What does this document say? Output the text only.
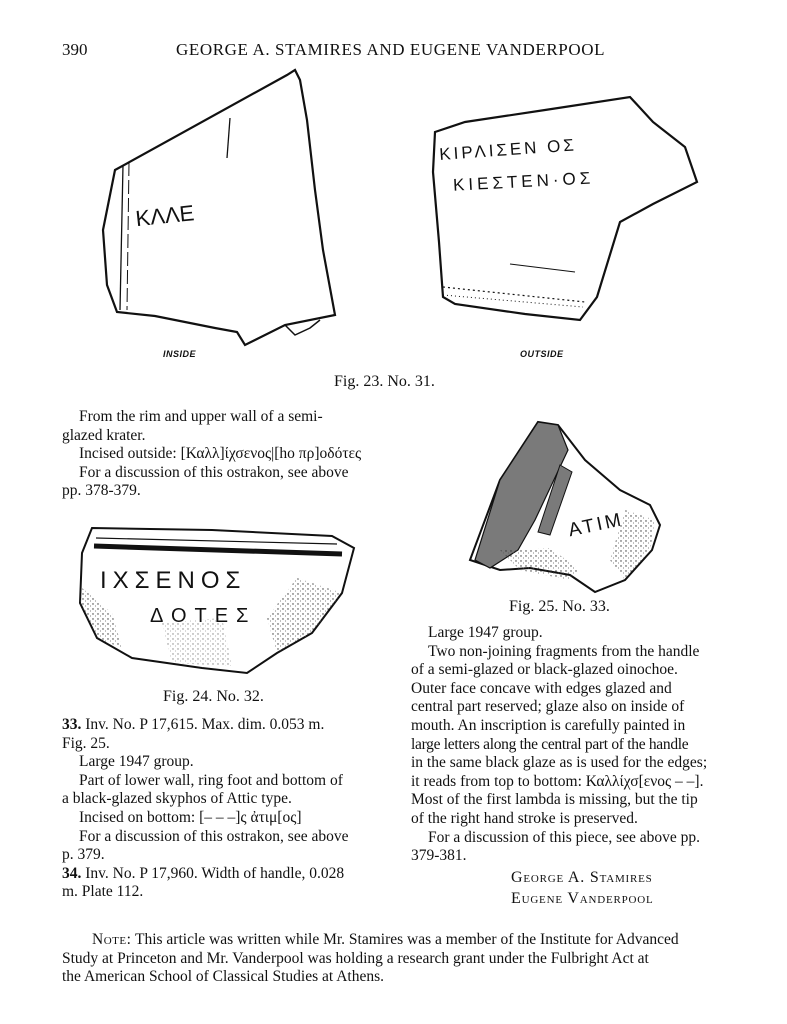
390	GEORGE A. STAMIRES AND EUGENE VANDERPOOL
ΚΛΛΕ
INSIDE
ΚΙΡΛΙΣΕΝ ΟΣ
ΚΙΕΣΤΕΝ·ΟΣ
OUTSIDE
Fig. 23. No. 31.

From the rim and upper wall of a semi-

glazed krater.

Incised outside: [Καλλ]ίχσενος|[ho πρ]οδότες

For a discussion of this ostrakon, see above

pp. 378-379.

ΙΧΣΕΝΟΣ
ΔΟΤΕΣ
Fig. 24. No. 32.
ΑΤΙΜ
Fig. 25. No. 33.

33. Inv. No. P 17,615. Max. dim. 0.053 m.

Fig. 25.

Large 1947 group.

Part of lower wall, ring foot and bottom of

a black-glazed skyphos of Attic type.

Incised on bottom: [– – –]ς ἀτιμ[ος]

For a discussion of this ostrakon, see above

p. 379.

34. Inv. No. P 17,960. Width of handle, 0.028

m. Plate 112.

Large 1947 group.

Two non-joining fragments from the handle

of a semi-glazed or black-glazed oinochoe.

Outer face concave with edges glazed and

central part reserved; glaze also on inside of

mouth. An inscription is carefully painted in

large letters along the central part of the handle

in the same black glaze as is used for the edges;

it reads from top to bottom: Καλλίχσ[ενος – –].

Most of the first lambda is missing, but the tip

of the right hand stroke is preserved.

For a discussion of this piece, see above pp.

379-381.

George A. Stamires
Eugene Vanderpool
Note: This article was written while Mr. Stamires was a member of the Institute for Advanced
Study at Princeton and Mr. Vanderpool was holding a research grant under the Fulbright Act at
the American School of Classical Studies at Athens.
